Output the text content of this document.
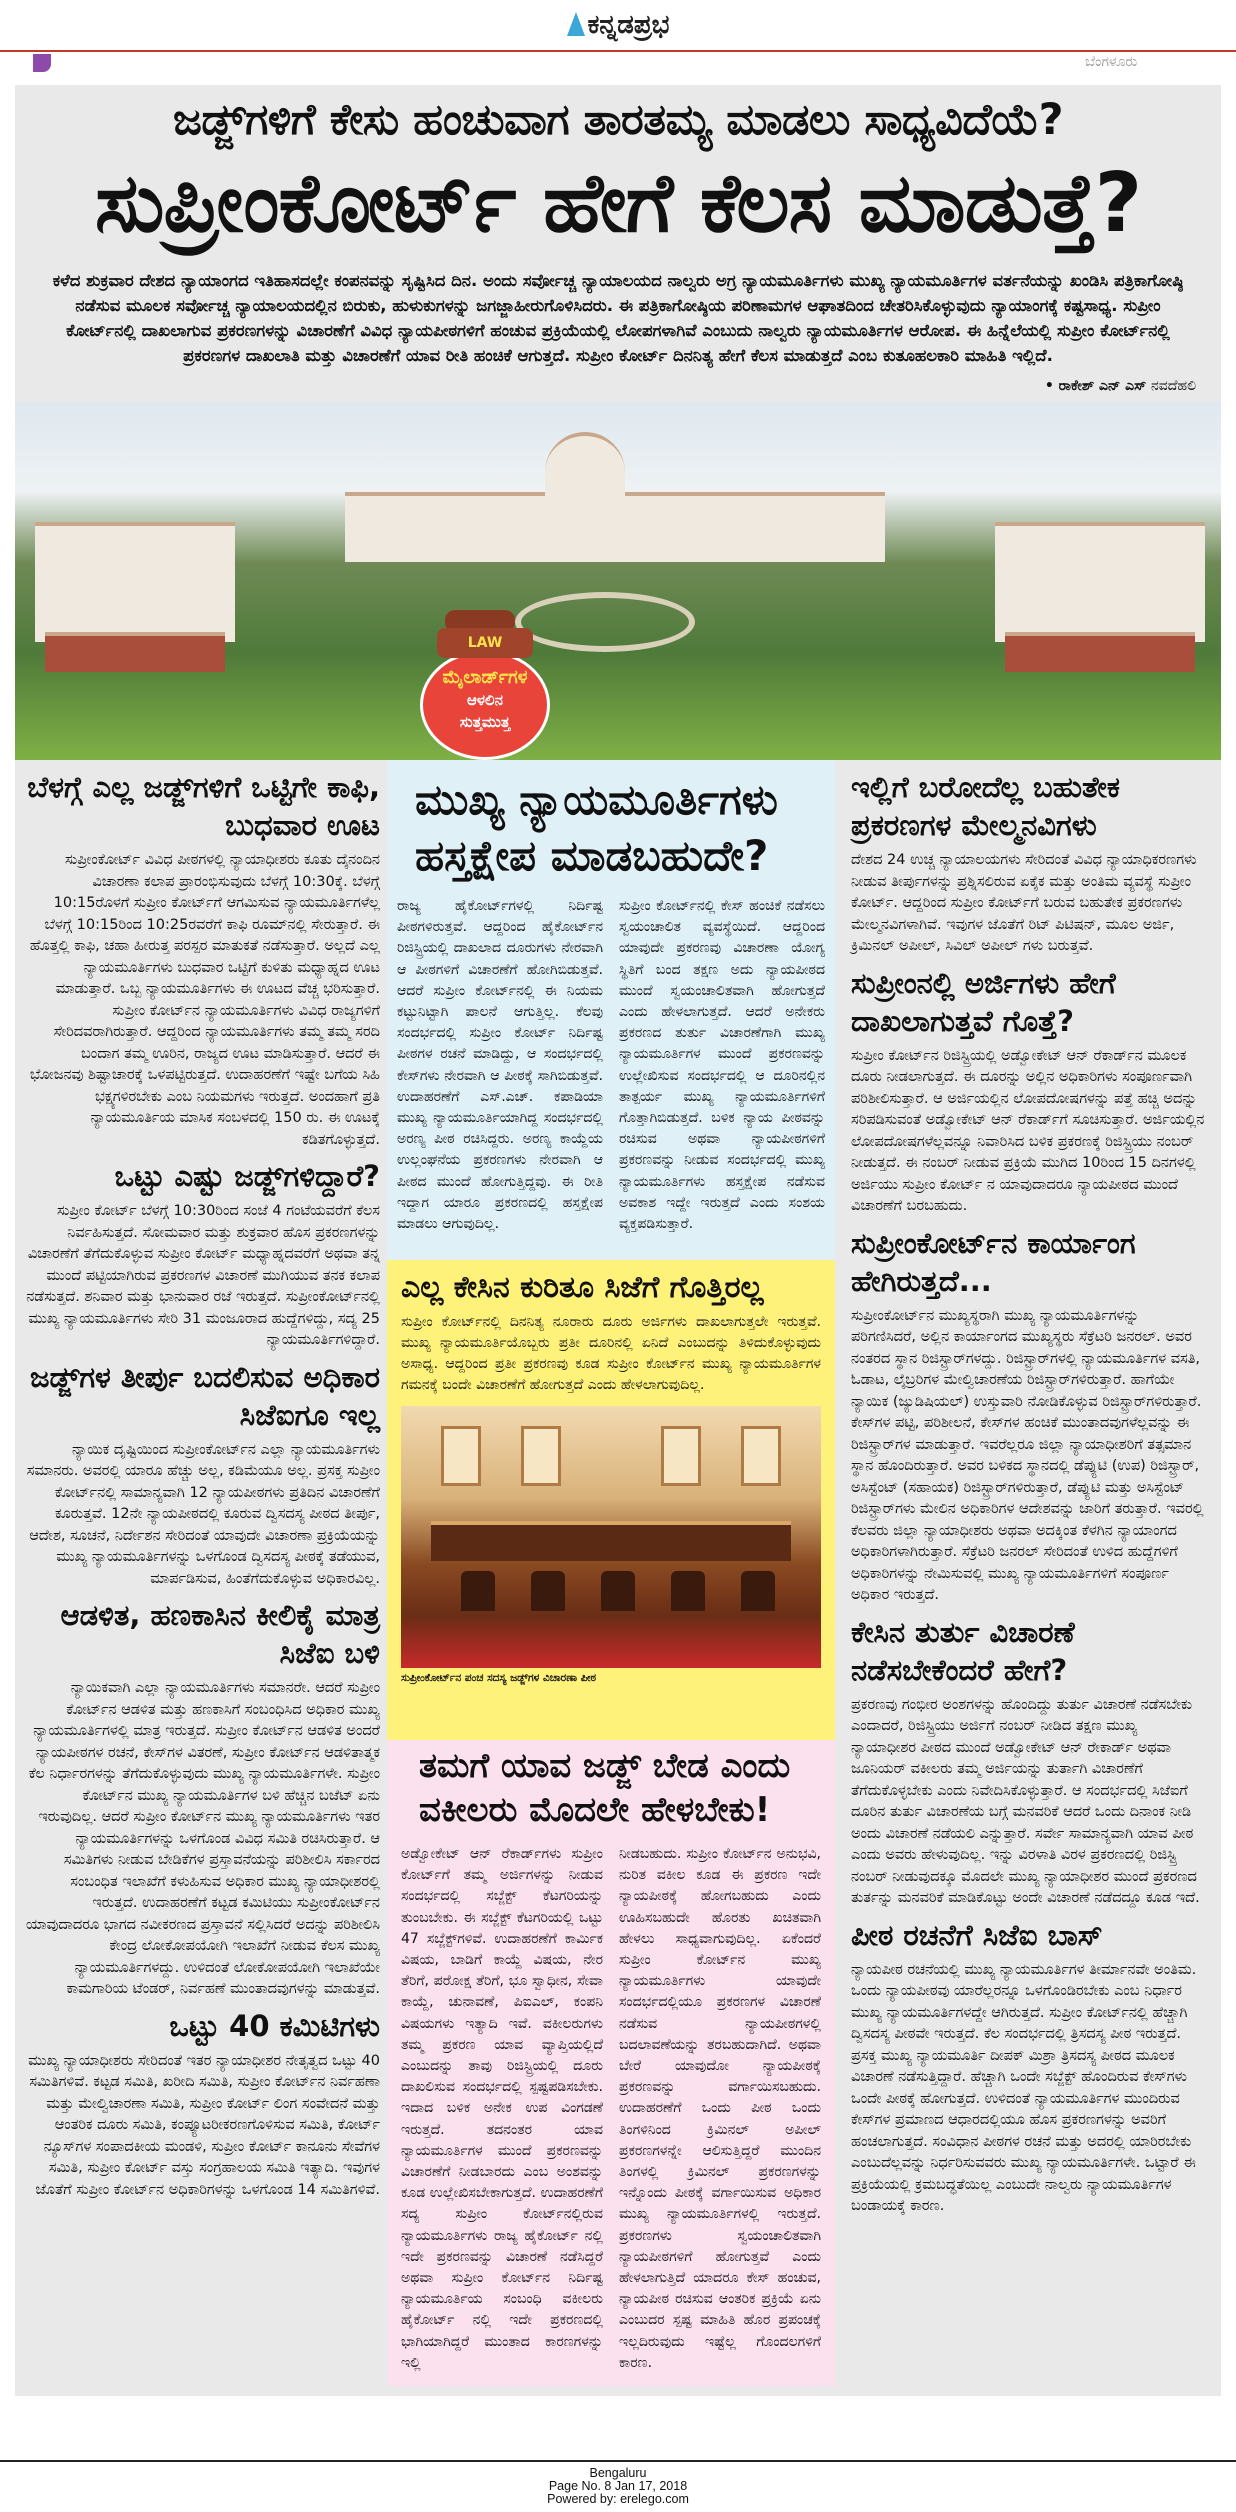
ಕನ್ನಡಪ್ರಭ
ಬೆಂಗಳೂರು
ಜಡ್ಜ್‌ಗಳಿಗೆ ಕೇಸು ಹಂಚುವಾಗ ತಾರತಮ್ಯ ಮಾಡಲು ಸಾಧ್ಯವಿದೆಯೆ?
ಸುಪ್ರೀಂಕೋರ್ಟ್ ಹೇಗೆ ಕೆಲಸ ಮಾಡುತ್ತೆ?
ಕಳೆದ ಶುಕ್ರವಾರ ದೇಶದ ನ್ಯಾಯಾಂಗದ ಇತಿಹಾಸದಲ್ಲೇ ಕಂಪನವನ್ನು ಸೃಷ್ಟಿಸಿದ ದಿನ. ಅಂದು ಸರ್ವೋಚ್ಚ ನ್ಯಾಯಾಲಯದ ನಾಲ್ವರು ಅಗ್ರ ನ್ಯಾಯಮೂರ್ತಿಗಳು ಮುಖ್ಯ ನ್ಯಾಯಮೂರ್ತಿಗಳ ವರ್ತನೆಯನ್ನು ಖಂಡಿಸಿ ಪತ್ರಿಕಾಗೋಷ್ಠಿ ನಡೆಸುವ ಮೂಲಕ ಸರ್ವೋಚ್ಚ ನ್ಯಾಯಾಲಯದಲ್ಲಿನ ಬಿರುಕು, ಹುಳುಕುಗಳನ್ನು ಜಗಜ್ಜಾಹೀರುಗೊಳಿಸಿದರು. ಈ ಪತ್ರಿಕಾಗೋಷ್ಠಿಯ ಪರಿಣಾಮಗಳ ಆಘಾತದಿಂದ ಚೇತರಿಸಿಕೊಳ್ಳುವುದು ನ್ಯಾಯಾಂಗಕ್ಕೆ ಕಷ್ಟಸಾಧ್ಯ. ಸುಪ್ರೀಂ ಕೋರ್ಟ್‌ನಲ್ಲಿ ದಾಖಲಾಗುವ ಪ್ರಕರಣಗಳನ್ನು ವಿಚಾರಣೆಗೆ ವಿವಿಧ ನ್ಯಾಯಪೀಠಗಳಿಗೆ ಹಂಚುವ ಪ್ರಕ್ರಿಯೆಯಲ್ಲಿ ಲೋಪಗಳಾಗಿವೆ ಎಂಬುದು ನಾಲ್ವರು ನ್ಯಾಯಮೂರ್ತಿಗಳ ಆರೋಪ. ಈ ಹಿನ್ನೆಲೆಯಲ್ಲಿ ಸುಪ್ರೀಂ ಕೋರ್ಟ್‌ನಲ್ಲಿ ಪ್ರಕರಣಗಳ ದಾಖಲಾತಿ ಮತ್ತು ವಿಚಾರಣೆಗೆ ಯಾವ ರೀತಿ ಹಂಚಿಕೆ ಆಗುತ್ತದೆ. ಸುಪ್ರೀಂ ಕೋರ್ಟ್ ದಿನನಿತ್ಯ ಹೇಗೆ ಕೆಲಸ ಮಾಡುತ್ತದೆ ಎಂಬ ಕುತೂಹಲಕಾರಿ ಮಾಹಿತಿ ಇಲ್ಲಿದೆ.
• ರಾಕೇಶ್ ಎನ್ ಎಸ್ ನವದೆಹಲಿ
ಮೈಲಾರ್ಡ್‌ಗಳ
ಆಳಲಿನ
ಸುತ್ತಮುತ್ತ
LAW
ಬೆಳಗ್ಗೆ ಎಲ್ಲ ಜಡ್ಜ್‌ಗಳಿಗೆ ಒಟ್ಟಿಗೇ ಕಾಫಿ, ಬುಧವಾರ ಊಟ

ಸುಪ್ರೀಂಕೋರ್ಟ್ ವಿವಿಧ ಪೀಠಗಳಲ್ಲಿ ನ್ಯಾಯಾಧೀಶರು ಕೂತು ದೈನಂದಿನ ವಿಚಾರಣಾ ಕಲಾಪ ಪ್ರಾರಂಭಿಸುವುದು ಬೆಳಗ್ಗೆ 10:30ಕ್ಕೆ. ಬೆಳಗ್ಗೆ 10:15ರೊಳಗೆ ಸುಪ್ರೀಂ ಕೋರ್ಟ್‌ಗೆ ಆಗಮಿಸುವ ನ್ಯಾಯಮೂರ್ತಿಗಳೆಲ್ಲ ಬೆಳಗ್ಗೆ 10:15ರಿಂದ 10:25ರವರೆಗೆ ಕಾಫಿ ರೂಮ್‌ನಲ್ಲಿ ಸೇರುತ್ತಾರೆ. ಈ ಹೊತ್ತಲ್ಲಿ ಕಾಫಿ, ಚಹಾ ಹೀರುತ್ತ ಪರಸ್ಪರ ಮಾತುಕತೆ ನಡೆಸುತ್ತಾರೆ. ಅಲ್ಲದೆ ಎಲ್ಲ ನ್ಯಾಯಮೂರ್ತಿಗಳು ಬುಧವಾರ ಒಟ್ಟಿಗೆ ಕುಳಿತು ಮಧ್ಯಾಹ್ನದ ಊಟ ಮಾಡುತ್ತಾರೆ. ಒಬ್ಬ ನ್ಯಾಯಮೂರ್ತಿಗಳು ಈ ಊಟದ ವೆಚ್ಚ ಭರಿಸುತ್ತಾರೆ. ಸುಪ್ರೀಂ ಕೋರ್ಟ್‌ನ ನ್ಯಾಯಮೂರ್ತಿಗಳು ವಿವಿಧ ರಾಜ್ಯಗಳಿಗೆ ಸೇರಿದವರಾಗಿರುತ್ತಾರೆ. ಆದ್ದರಿಂದ ನ್ಯಾಯಮೂರ್ತಿಗಳು ತಮ್ಮ ತಮ್ಮ ಸರದಿ ಬಂದಾಗ ತಮ್ಮ ಊರಿನ, ರಾಜ್ಯದ ಊಟ ಮಾಡಿಸುತ್ತಾರೆ. ಆದರೆ ಈ ಭೋಜನವು ಶಿಷ್ಟಾಚಾರಕ್ಕೆ ಒಳಪಟ್ಟಿರುತ್ತದೆ. ಉದಾಹರಣೆಗೆ ಇಷ್ಟೇ ಬಗೆಯ ಸಿಹಿ ಭಕ್ಷ್ಯಗಳಿರಬೇಕು ಎಂಬ ನಿಯಮಗಳು ಇರುತ್ತದೆ. ಅಂದಹಾಗೆ ಪ್ರತಿ ನ್ಯಾಯಮೂರ್ತಿಯ ಮಾಸಿಕ ಸಂಬಳದಲ್ಲಿ 150 ರು. ಈ ಊಟಕ್ಕೆ ಕಡಿತಗೊಳ್ಳುತ್ತದೆ.

ಒಟ್ಟು ಎಷ್ಟು ಜಡ್ಜ್‌ಗಳಿದ್ದಾರೆ?

ಸುಪ್ರೀಂ ಕೋರ್ಟ್ ಬೆಳಗ್ಗೆ 10:30ರಿಂದ ಸಂಜೆ 4 ಗಂಟೆಯವರೆಗೆ ಕೆಲಸ ನಿರ್ವಹಿಸುತ್ತದೆ. ಸೋಮವಾರ ಮತ್ತು ಶುಕ್ರವಾರ ಹೊಸ ಪ್ರಕರಣಗಳನ್ನು ವಿಚಾರಣೆಗೆ ತೆಗೆದುಕೊಳ್ಳುವ ಸುಪ್ರೀಂ ಕೋರ್ಟ್ ಮಧ್ಯಾಹ್ನದವರೆಗೆ ಅಥವಾ ತನ್ನ ಮುಂದೆ ಪಟ್ಟಿಯಾಗಿರುವ ಪ್ರಕರಣಗಳ ವಿಚಾರಣೆ ಮುಗಿಯುವ ತನಕ ಕಲಾಪ ನಡೆಸುತ್ತದೆ. ಶನಿವಾರ ಮತ್ತು ಭಾನುವಾರ ರಜೆ ಇರುತ್ತದೆ. ಸುಪ್ರೀಂಕೋರ್ಟ್‌ನಲ್ಲಿ ಮುಖ್ಯ ನ್ಯಾಯಮೂರ್ತಿಗಳು ಸೇರಿ 31 ಮಂಜೂರಾದ ಹುದ್ದೆಗಳಿದ್ದು, ಸದ್ಯ 25 ನ್ಯಾಯಮೂರ್ತಿಗಳಿದ್ದಾರೆ.

ಜಡ್ಜ್‌ಗಳ ತೀರ್ಪು ಬದಲಿಸುವ ಅಧಿಕಾರ ಸಿಜೆಐಗೂ ಇಲ್ಲ

ನ್ಯಾಯಿಕ ದೃಷ್ಟಿಯಿಂದ ಸುಪ್ರೀಂಕೋರ್ಟ್‌ನ ಎಲ್ಲಾ ನ್ಯಾಯಮೂರ್ತಿಗಳು ಸಮಾನರು. ಅವರಲ್ಲಿ ಯಾರೂ ಹೆಚ್ಚು ಅಲ್ಲ, ಕಡಿಮೆಯೂ ಅಲ್ಲ. ಪ್ರಸಕ್ತ ಸುಪ್ರೀಂ ಕೋರ್ಟ್‌ನಲ್ಲಿ ಸಾಮಾನ್ಯವಾಗಿ 12 ನ್ಯಾಯಪೀಠಗಳು ಪ್ರತಿದಿನ ವಿಚಾರಣೆಗೆ ಕೂರುತ್ತವೆ. 12ನೇ ನ್ಯಾಯಪೀಠದಲ್ಲಿ ಕೂರುವ ದ್ವಿಸದಸ್ಯ ಪೀಠದ ತೀರ್ಪು, ಆದೇಶ, ಸೂಚನೆ, ನಿರ್ದೇಶನ ಸೇರಿದಂತೆ ಯಾವುದೇ ವಿಚಾರಣಾ ಪ್ರಕ್ರಿಯೆಯನ್ನು ಮುಖ್ಯ ನ್ಯಾಯಮೂರ್ತಿಗಳನ್ನು ಒಳಗೊಂಡ ದ್ವಿಸದಸ್ಯ ಪೀಠಕ್ಕೆ ತಡೆಯುವ, ಮಾರ್ಪಡಿಸುವ, ಹಿಂತೆಗೆದುಕೊಳ್ಳುವ ಅಧಿಕಾರವಿಲ್ಲ.

ಆಡಳಿತ, ಹಣಕಾಸಿನ ಕೀಲಿಕೈ ಮಾತ್ರ ಸಿಜೆಐ ಬಳಿ

ನ್ಯಾಯಿಕವಾಗಿ ಎಲ್ಲಾ ನ್ಯಾಯಮೂರ್ತಿಗಳು ಸಮಾನರೇ. ಆದರೆ ಸುಪ್ರೀಂ ಕೋರ್ಟ್‌ನ ಆಡಳಿತ ಮತ್ತು ಹಣಕಾಸಿಗೆ ಸಂಬಂಧಿಸಿದ ಅಧಿಕಾರ ಮುಖ್ಯ ನ್ಯಾಯಮೂರ್ತಿಗಳಲ್ಲಿ ಮಾತ್ರ ಇರುತ್ತದೆ. ಸುಪ್ರೀಂ ಕೋರ್ಟ್‌ನ ಆಡಳಿತ ಅಂದರೆ ನ್ಯಾಯಪೀಠಗಳ ರಚನೆ, ಕೇಸ್‌ಗಳ ವಿತರಣೆ, ಸುಪ್ರೀಂ ಕೋರ್ಟ್‌ನ ಆಡಳಿತಾತ್ಮಕ ಕೆಲ ನಿರ್ಧಾರಗಳನ್ನು ತೆಗೆದುಕೊಳ್ಳುವುದು ಮುಖ್ಯ ನ್ಯಾಯಮೂರ್ತಿಗಳೇ. ಸುಪ್ರೀಂ ಕೋರ್ಟ್‌ನ ಮುಖ್ಯ ನ್ಯಾಯಮೂರ್ತಿಗಳ ಬಳಿ ಹೆಚ್ಚಿನ ಬಜೆಟ್ ಏನು ಇರುವುದಿಲ್ಲ. ಆದರೆ ಸುಪ್ರೀಂ ಕೋರ್ಟ್‌ನ ಮುಖ್ಯ ನ್ಯಾಯಮೂರ್ತಿಗಳು ಇತರ ನ್ಯಾಯಮೂರ್ತಿಗಳನ್ನು ಒಳಗೊಂಡ ವಿವಿಧ ಸಮಿತಿ ರಚಿಸಿರುತ್ತಾರೆ. ಆ ಸಮಿತಿಗಳು ನೀಡುವ ಬೇಡಿಕೆಗಳ ಪ್ರಸ್ತಾವನೆಯನ್ನು ಪರಿಶೀಲಿಸಿ ಸರ್ಕಾರದ ಸಂಬಂಧಿತ ಇಲಾಖೆಗೆ ಕಳುಹಿಸುವ ಅಧಿಕಾರ ಮುಖ್ಯ ನ್ಯಾಯಾಧೀಶರಲ್ಲಿ ಇರುತ್ತದೆ. ಉದಾಹರಣೆಗೆ ಕಟ್ಟಡ ಕಮಿಟಿಯು ಸುಪ್ರೀಂಕೋರ್ಟ್‌ನ ಯಾವುದಾದರೂ ಭಾಗದ ನವೀಕರಣದ ಪ್ರಸ್ತಾವನೆ ಸಲ್ಲಿಸಿದರೆ ಅದನ್ನು ಪರಿಶೀಲಿಸಿ ಕೇಂದ್ರ ಲೋಕೋಪಯೋಗಿ ಇಲಾಖೆಗೆ ನೀಡುವ ಕೆಲಸ ಮುಖ್ಯ ನ್ಯಾಯಮೂರ್ತಿಗಳದ್ದು. ಉಳಿದಂತೆ ಲೋಕೋಪಯೋಗಿ ಇಲಾಖೆಯೇ ಕಾಮಗಾರಿಯ ಟೆಂಡರ್, ನಿರ್ವಹಣೆ ಮುಂತಾದವುಗಳನ್ನು ಮಾಡುತ್ತವೆ.

ಒಟ್ಟು 40 ಕಮಿಟಿಗಳು

ಮುಖ್ಯ ನ್ಯಾಯಾಧೀಶರು ಸೇರಿದಂತೆ ಇತರ ನ್ಯಾಯಾಧೀಶರ ನೇತೃತ್ವದ ಒಟ್ಟು 40 ಸಮಿತಿಗಳಿವೆ. ಕಟ್ಟಡ ಸಮಿತಿ, ಖರೀದಿ ಸಮಿತಿ, ಸುಪ್ರೀಂ ಕೋರ್ಟ್‌ನ ನಿರ್ವಹಣಾ ಮತ್ತು ಮೇಲ್ವಿಚಾರಣಾ ಸಮಿತಿ, ಸುಪ್ರೀಂ ಕೋರ್ಟ್ ಲಿಂಗ ಸಂವೇದನೆ ಮತ್ತು ಆಂತರಿಕ ದೂರು ಸಮಿತಿ, ಕಂಪ್ಯೂಟರೀಕರಣಗೊಳಿಸುವ ಸಮಿತಿ, ಕೋರ್ಟ್ ನ್ಯೂಸ್‌ಗಳ ಸಂಪಾದಕೀಯ ಮಂಡಳಿ, ಸುಪ್ರೀಂ ಕೋರ್ಟ್ ಕಾನೂನು ಸೇವೆಗಳ ಸಮಿತಿ, ಸುಪ್ರೀಂ ಕೋರ್ಟ್ ವಸ್ತು ಸಂಗ್ರಹಾಲಯ ಸಮಿತಿ ಇತ್ಯಾದಿ. ಇವುಗಳ ಜೊತೆಗೆ ಸುಪ್ರೀಂ ಕೋರ್ಟ್‌ನ ಅಧಿಕಾರಿಗಳನ್ನು ಒಳಗೊಂಡ 14 ಸಮಿತಿಗಳಿವೆ.

ಮುಖ್ಯ ನ್ಯಾಯಮೂರ್ತಿಗಳು
ಹಸ್ತಕ್ಷೇಪ ಮಾಡಬಹುದೇ?

ರಾಜ್ಯ ಹೈಕೋರ್ಟ್‌ಗಳಲ್ಲಿ ನಿರ್ದಿಷ್ಟ ಪೀಠಗಳಿರುತ್ತವೆ. ಆದ್ದರಿಂದ ಹೈಕೋರ್ಟ್‌ನ ರಿಜಿಸ್ಟ್ರಿಯಲ್ಲಿ ದಾಖಲಾದ ದೂರುಗಳು ನೇರವಾಗಿ ಆ ಪೀಠಗಳಿಗೆ ವಿಚಾರಣೆಗೆ ಹೋಗಿಬಿಡುತ್ತವೆ. ಆದರೆ ಸುಪ್ರೀಂ ಕೋರ್ಟ್‌ನಲ್ಲಿ ಈ ನಿಯಮ ಕಟ್ಟುನಿಟ್ಟಾಗಿ ಪಾಲನೆ ಆಗುತ್ತಿಲ್ಲ. ಕೆಲವು ಸಂದರ್ಭದಲ್ಲಿ ಸುಪ್ರೀಂ ಕೋರ್ಟ್ ನಿರ್ದಿಷ್ಟ ಪೀಠಗಳ ರಚನೆ ಮಾಡಿದ್ದು, ಆ ಸಂದರ್ಭದಲ್ಲಿ ಕೇಸ್‌ಗಳು ನೇರವಾಗಿ ಆ ಪೀಠಕ್ಕೆ ಸಾಗಿಬಿಡುತ್ತವೆ. ಉದಾಹರಣೆಗೆ ಎಸ್.ಎಚ್. ಕಪಾಡಿಯಾ ಮುಖ್ಯ ನ್ಯಾಯಮೂರ್ತಿಯಾಗಿದ್ದ ಸಂದರ್ಭದಲ್ಲಿ ಅರಣ್ಯ ಪೀಠ ರಚಿಸಿದ್ದರು. ಅರಣ್ಯ ಕಾಯ್ದೆಯ ಉಲ್ಲಂಘನೆಯ ಪ್ರಕರಣಗಳು ನೇರವಾಗಿ ಆ ಪೀಠದ ಮುಂದೆ ಹೋಗುತ್ತಿದ್ದವು. ಈ ರೀತಿ ಇದ್ದಾಗ ಯಾರೂ ಪ್ರಕರಣದಲ್ಲಿ ಹಸ್ತಕ್ಷೇಪ ಮಾಡಲು ಆಗುವುದಿಲ್ಲ.

ಸುಪ್ರೀಂ ಕೋರ್ಟ್‌ನಲ್ಲಿ ಕೇಸ್ ಹಂಚಿಕೆ ನಡೆಸಲು ಸ್ವಯಂಚಾಲಿತ ವ್ಯವಸ್ಥೆಯಿದೆ. ಆದ್ದರಿಂದ ಯಾವುದೇ ಪ್ರಕರಣವು ವಿಚಾರಣಾ ಯೋಗ್ಯ ಸ್ಥಿತಿಗೆ ಬಂದ ತಕ್ಷಣ ಅದು ನ್ಯಾಯಪೀಠದ ಮುಂದೆ ಸ್ವಯಂಚಾಲಿತವಾಗಿ ಹೋಗುತ್ತದೆ ಎಂದು ಹೇಳಲಾಗುತ್ತದೆ. ಆದರೆ ಅನೇಕರು ಪ್ರಕರಣದ ತುರ್ತು ವಿಚಾರಣೆಗಾಗಿ ಮುಖ್ಯ ನ್ಯಾಯಮೂರ್ತಿಗಳ ಮುಂದೆ ಪ್ರಕರಣವನ್ನು ಉಲ್ಲೇಖಿಸುವ ಸಂದರ್ಭದಲ್ಲಿ ಆ ದೂರಿನಲ್ಲಿನ ತಾತ್ಪರ್ಯ ಮುಖ್ಯ ನ್ಯಾಯಮೂರ್ತಿಗಳಿಗೆ ಗೊತ್ತಾಗಿಬಿಡುತ್ತದೆ. ಬಳಿಕ ನ್ಯಾಯ ಪೀಠವನ್ನು ರಚಿಸುವ ಅಥವಾ ನ್ಯಾಯಪೀಠಗಳಿಗೆ ಪ್ರಕರಣವನ್ನು ನೀಡುವ ಸಂದರ್ಭದಲ್ಲಿ ಮುಖ್ಯ ನ್ಯಾಯಮೂರ್ತಿಗಳು ಹಸ್ತಕ್ಷೇಪ ನಡೆಸುವ ಅವಕಾಶ ಇದ್ದೇ ಇರುತ್ತದೆ ಎಂದು ಸಂಶಯ ವ್ಯಕ್ತಪಡಿಸುತ್ತಾರೆ.

ಎಲ್ಲ ಕೇಸಿನ ಕುರಿತೂ ಸಿಜೆಗೆ ಗೊತ್ತಿರಲ್ಲ

ಸುಪ್ರೀಂ ಕೋರ್ಟ್‌ನಲ್ಲಿ ದಿನನಿತ್ಯ ನೂರಾರು ದೂರು ಅರ್ಜಿಗಳು ದಾಖಲಾಗುತ್ತಲೇ ಇರುತ್ತವೆ. ಮುಖ್ಯ ನ್ಯಾಯಮೂರ್ತಿಯೊಬ್ಬರು ಪ್ರತೀ ದೂರಿನಲ್ಲಿ ಏನಿದೆ ಎಂಬುದನ್ನು ತಿಳಿದುಕೊಳ್ಳುವುದು ಅಸಾಧ್ಯ. ಆದ್ದರಿಂದ ಪ್ರತೀ ಪ್ರಕರಣವು ಕೂಡ ಸುಪ್ರೀಂ ಕೋರ್ಟ್‌ನ ಮುಖ್ಯ ನ್ಯಾಯಮೂರ್ತಿಗಳ ಗಮನಕ್ಕೆ ಬಂದೇ ವಿಚಾರಣೆಗೆ ಹೋಗುತ್ತದೆ ಎಂದು ಹೇಳಲಾಗುವುದಿಲ್ಲ.

ಸುಪ್ರೀಂಕೋರ್ಟ್‌ನ ಪಂಚ ಸದಸ್ಯ ಜಡ್ಜ್‌ಗಳ ವಿಚಾರಣಾ ಪೀಠ
ತಮಗೆ ಯಾವ ಜಡ್ಜ್ ಬೇಡ ಎಂದು
ವಕೀಲರು ಮೊದಲೇ ಹೇಳಬೇಕು!

ಅಡ್ವೋಕೇಟ್ ಆನ್ ರೆಕಾರ್ಡ್‌ಗಳು ಸುಪ್ರೀಂ ಕೋರ್ಟ್‌ಗೆ ತಮ್ಮ ಅರ್ಜಿಗಳನ್ನು ನೀಡುವ ಸಂದರ್ಭದಲ್ಲಿ ಸಬ್ಜೆಕ್ಟ್ ಕೆಟಗರಿಯನ್ನು ತುಂಬಬೇಕು. ಈ ಸಬ್ಜೆಕ್ಟ್ ಕೆಟಗರಿಯಲ್ಲಿ ಒಟ್ಟು 47 ಸಬ್ಜೆಕ್ಟ್‌ಗಳಿವೆ. ಉದಾಹರಣೆಗೆ ಕಾರ್ಮಿಕ ವಿಷಯ, ಬಾಡಿಗೆ ಕಾಯ್ದೆ ವಿಷಯ, ನೇರ ತೆರಿಗೆ, ಪರೋಕ್ಷ ತೆರಿಗೆ, ಭೂ ಸ್ವಾಧೀನ, ಸೇವಾ ಕಾಯ್ದೆ, ಚುನಾವಣೆ, ಪಿಐಎಲ್, ಕಂಪನಿ ವಿಷಯಗಳು ಇತ್ಯಾದಿ ಇವೆ. ವಕೀಲರುಗಳು ತಮ್ಮ ಪ್ರಕರಣ ಯಾವ ವ್ಯಾಪ್ತಿಯಲ್ಲಿದೆ ಎಂಬುದನ್ನು ತಾವು ರಿಜಿಸ್ಟ್ರಿಯಲ್ಲಿ ದೂರು ದಾಖಲಿಸುವ ಸಂದರ್ಭದಲ್ಲಿ ಸ್ಪಷ್ಟಪಡಿಸಬೇಕು. ಇದಾದ ಬಳಿಕ ಅನೇಕ ಉಪ ವಿಂಗಡಣೆ ಇರುತ್ತದೆ. ತದನಂತರ ಯಾವ ನ್ಯಾಯಮೂರ್ತಿಗಳ ಮುಂದೆ ಪ್ರಕರಣವನ್ನು ವಿಚಾರಣೆಗೆ ನೀಡಬಾರದು ಎಂಬ ಅಂಶವನ್ನು ಕೂಡ ಉಲ್ಲೇಖಿಸಬೇಕಾಗುತ್ತದೆ. ಉದಾಹರಣೆಗೆ ಸದ್ಯ ಸುಪ್ರೀಂ ಕೋರ್ಟ್‌ನಲ್ಲಿರುವ ನ್ಯಾಯಮೂರ್ತಿಗಳು ರಾಜ್ಯ ಹೈಕೋರ್ಟ್ ನಲ್ಲಿ ಇದೇ ಪ್ರಕರಣವನ್ನು ವಿಚಾರಣೆ ನಡೆಸಿದ್ದರೆ ಅಥವಾ ಸುಪ್ರೀಂ ಕೋರ್ಟ್‌ನ ನಿರ್ದಿಷ್ಟ ನ್ಯಾಯಮೂರ್ತಿಯ ಸಂಬಂಧಿ ವಕೀಲರು ಹೈಕೋರ್ಟ್ ನಲ್ಲಿ ಇದೇ ಪ್ರಕರಣದಲ್ಲಿ ಭಾಗಿಯಾಗಿದ್ದರೆ ಮುಂತಾದ ಕಾರಣಗಳನ್ನು ಇಲ್ಲಿ

ನೀಡಬಹುದು. ಸುಪ್ರೀಂ ಕೋರ್ಟ್‌ನ ಅನುಭವಿ, ನುರಿತ ವಕೀಲ ಕೂಡ ಈ ಪ್ರಕರಣ ಇದೇ ನ್ಯಾಯಪೀಠಕ್ಕೆ ಹೋಗಬಹುದು ಎಂದು ಊಹಿಸಬಹುದೇ ಹೊರತು ಖಚಿತವಾಗಿ ಹೇಳಲು ಸಾಧ್ಯವಾಗುವುದಿಲ್ಲ. ಏಕೆಂದರೆ ಸುಪ್ರೀಂ ಕೋರ್ಟ್‌ನ ಮುಖ್ಯ ನ್ಯಾಯಮೂರ್ತಿಗಳು ಯಾವುದೇ ಸಂದರ್ಭದಲ್ಲಿಯೂ ಪ್ರಕರಣಗಳ ವಿಚಾರಣೆ ನಡೆಸುವ ನ್ಯಾಯಪೀಠಗಳಲ್ಲಿ ಬದಲಾವಣೆಯನ್ನು ತರಬಹುದಾಗಿದೆ. ಅಥವಾ ಬೇರೆ ಯಾವುದೋ ನ್ಯಾಯಪೀಠಕ್ಕೆ ಪ್ರಕರಣವನ್ನು ವರ್ಗಾಯಿಸಬಹುದು. ಉದಾಹರಣೆಗೆ ಒಂದು ಪೀಠ ಒಂದು ತಿಂಗಳಿನಿಂದ ಕ್ರಿಮಿನಲ್ ಅಪೀಲ್ ಪ್ರಕರಣಗಳನ್ನೇ ಆಲಿಸುತ್ತಿದ್ದರೆ ಮುಂದಿನ ತಿಂಗಳಲ್ಲಿ ಕ್ರಿಮಿನಲ್ ಪ್ರಕರಣಗಳನ್ನು ಇನ್ನೊಂದು ಪೀಠಕ್ಕೆ ವರ್ಗಾಯಿಸುವ ಅಧಿಕಾರ ಮುಖ್ಯ ನ್ಯಾಯಮೂರ್ತಿಗಳಲ್ಲಿ ಇರುತ್ತದೆ. ಪ್ರಕರಣಗಳು ಸ್ವಯಂಚಾಲಿತವಾಗಿ ನ್ಯಾಯಪೀಠಗಳಿಗೆ ಹೋಗುತ್ತವೆ ಎಂದು ಹೇಳಲಾಗುತ್ತಿದೆ ಯಾದರೂ ಕೇಸ್ ಹಂಚುವ, ನ್ಯಾಯಪೀಠ ರಚಿಸುವ ಆಂತರಿಕ ಪ್ರಕ್ರಿಯೆ ಏನು ಎಂಬುದರ ಸ್ಪಷ್ಟ ಮಾಹಿತಿ ಹೊರ ಪ್ರಪಂಚಕ್ಕೆ ಇಲ್ಲದಿರುವುದು ಇಷ್ಟೆಲ್ಲ ಗೊಂದಲಗಳಿಗೆ ಕಾರಣ.

ಇಲ್ಲಿಗೆ ಬರೋದೆಲ್ಲ ಬಹುತೇಕ ಪ್ರಕರಣಗಳ ಮೇಲ್ಮನವಿಗಳು

ದೇಶದ 24 ಉಚ್ಚ ನ್ಯಾಯಾಲಯಗಳು ಸೇರಿದಂತೆ ವಿವಿಧ ನ್ಯಾಯಾಧಿಕರಣಗಳು ನೀಡುವ ತೀರ್ಪುಗಳನ್ನು ಪ್ರಶ್ನಿಸಲಿರುವ ಏಕೈಕ ಮತ್ತು ಅಂತಿಮ ವ್ಯವಸ್ಥೆ ಸುಪ್ರೀಂ ಕೋರ್ಟ್. ಆದ್ದರಿಂದ ಸುಪ್ರೀಂ ಕೋರ್ಟ್‌ಗೆ ಬರುವ ಬಹುತೇಕ ಪ್ರಕರಣಗಳು ಮೇಲ್ಮನವಿಗಳಾಗಿವೆ. ಇವುಗಳ ಜೊತೆಗೆ ರಿಟ್ ಪಿಟಿಷನ್, ಮೂಲ ಅರ್ಜಿ, ಕ್ರಿಮಿನಲ್ ಅಪೀಲ್, ಸಿವಿಲ್ ಅಪೀಲ್ ಗಳು ಬರುತ್ತವೆ.

ಸುಪ್ರೀಂನಲ್ಲಿ ಅರ್ಜಿಗಳು ಹೇಗೆ ದಾಖಲಾಗುತ್ತವೆ ಗೊತ್ತೆ?

ಸುಪ್ರೀಂ ಕೋರ್ಟ್‌ನ ರಿಜಿಸ್ಟ್ರಿಯಲ್ಲಿ ಅಡ್ವೋಕೇಟ್ ಆನ್ ರೆಕಾರ್ಡ್‌ನ ಮೂಲಕ ದೂರು ನೀಡಲಾಗುತ್ತದೆ. ಈ ದೂರನ್ನು ಅಲ್ಲಿನ ಅಧಿಕಾರಿಗಳು ಸಂಪೂರ್ಣವಾಗಿ ಪರಿಶೀಲಿಸುತ್ತಾರೆ. ಆ ಅರ್ಜಿಯಲ್ಲಿನ ಲೋಪದೋಷಗಳನ್ನು ಪತ್ತೆ ಹಚ್ಚಿ ಅದನ್ನು ಸರಿಪಡಿಸುವಂತೆ ಅಡ್ವೋಕೇಟ್ ಆನ್ ರೆಕಾರ್ಡ್‌ಗೆ ಸೂಚಿಸುತ್ತಾರೆ. ಅರ್ಜಿಯಲ್ಲಿನ ಲೋಪದೋಷಗಳೆಲ್ಲವನ್ನೂ ನಿವಾರಿಸಿದ ಬಳಿಕ ಪ್ರಕರಣಕ್ಕೆ ರಿಜಿಸ್ಟ್ರಿಯು ನಂಬರ್ ನೀಡುತ್ತದೆ. ಈ ನಂಬರ್ ನೀಡುವ ಪ್ರಕ್ರಿಯೆ ಮುಗಿದ 10ರಿಂದ 15 ದಿನಗಳಲ್ಲಿ ಅರ್ಜಿಯು ಸುಪ್ರೀಂ ಕೋರ್ಟ್ ನ ಯಾವುದಾದರೂ ನ್ಯಾಯಪೀಠದ ಮುಂದೆ ವಿಚಾರಣೆಗೆ ಬರಬಹುದು.

ಸುಪ್ರೀಂಕೋರ್ಟ್‌ನ ಕಾರ್ಯಾಂಗ ಹೇಗಿರುತ್ತದೆ...

ಸುಪ್ರೀಂಕೋರ್ಟ್‌ನ ಮುಖ್ಯಸ್ಥರಾಗಿ ಮುಖ್ಯ ನ್ಯಾಯಮೂರ್ತಿಗಳನ್ನು ಪರಿಗಣಿಸಿದರೆ, ಅಲ್ಲಿನ ಕಾರ್ಯಾಂಗದ ಮುಖ್ಯಸ್ಥರು ಸೆಕ್ರೆಟರಿ ಜನರಲ್. ಅವರ ನಂತರದ ಸ್ಥಾನ ರಿಜಿಸ್ಟ್ರಾರ್‌ಗಳದ್ದು. ರಿಜಿಸ್ಟ್ರಾರ್‌ಗಳಲ್ಲಿ ನ್ಯಾಯಮೂರ್ತಿಗಳ ವಸತಿ, ಓಡಾಟ, ಲೈಬ್ರರಿಗಳ ಮೇಲ್ವಿಚಾರಣೆಯ ರಿಜಿಸ್ಟ್ರಾರ್‌ಗಳಿರುತ್ತಾರೆ. ಹಾಗೆಯೇ ನ್ಯಾಯಿಕ (ಜ್ಯುಡಿಷಿಯಲ್) ಉಸ್ತುವಾರಿ ನೋಡಿಕೊಳ್ಳುವ ರಿಜಿಸ್ಟ್ರಾರ್‌ಗಳಿರುತ್ತಾರೆ. ಕೇಸ್‌ಗಳ ಪಟ್ಟಿ, ಪರಿಶೀಲನೆ, ಕೇಸ್‌ಗಳ ಹಂಚಿಕೆ ಮುಂತಾದವುಗಳೆಲ್ಲವನ್ನು ಈ ರಿಜಿಸ್ಟ್ರಾರ್‌ಗಳ ಮಾಡುತ್ತಾರೆ. ಇವರೆಲ್ಲರೂ ಜಿಲ್ಲಾ ನ್ಯಾಯಾಧೀಶರಿಗೆ ತತ್ಸಮಾನ ಸ್ಥಾನ ಹೊಂದಿರುತ್ತಾರೆ. ಅವರ ಬಳಿಕದ ಸ್ಥಾನದಲ್ಲಿ ಡೆಪ್ಯುಟಿ (ಉಪ) ರಿಜಿಸ್ಟ್ರಾರ್, ಅಸಿಸ್ಟೆಂಟ್ (ಸಹಾಯಕ) ರಿಜಿಸ್ಟ್ರಾರ್‌ಗಳಿರುತ್ತಾರೆ, ಡೆಪ್ಯುಟಿ ಮತ್ತು ಅಸಿಸ್ಟೆಂಟ್ ರಿಜಿಸ್ಟ್ರಾರ್‌ಗಳು ಮೇಲಿನ ಅಧಿಕಾರಿಗಳ ಆದೇಶವನ್ನು ಜಾರಿಗೆ ತರುತ್ತಾರೆ. ಇವರಲ್ಲಿ ಕೆಲವರು ಜಿಲ್ಲಾ ನ್ಯಾಯಾಧೀಶರು ಅಥವಾ ಅದಕ್ಕಿಂತ ಕೆಳಗಿನ ನ್ಯಾಯಾಂಗದ ಅಧಿಕಾರಿಗಳಾಗಿರುತ್ತಾರೆ. ಸೆಕ್ರೆಟರಿ ಜನರಲ್ ಸೇರಿದಂತೆ ಉಳಿದ ಹುದ್ದೆಗಳಿಗೆ ಅಧಿಕಾರಿಗಳನ್ನು ನೇಮಿಸುವಲ್ಲಿ ಮುಖ್ಯ ನ್ಯಾಯಮೂರ್ತಿಗಳಿಗೆ ಸಂಪೂರ್ಣ ಅಧಿಕಾರ ಇರುತ್ತದೆ.

ಕೇಸಿನ ತುರ್ತು ವಿಚಾರಣೆ ನಡೆಸಬೇಕೆಂದರೆ ಹೇಗೆ?

ಪ್ರಕರಣವು ಗಂಭೀರ ಅಂಶಗಳನ್ನು ಹೊಂದಿದ್ದು ತುರ್ತು ವಿಚಾರಣೆ ನಡೆಸಬೇಕು ಎಂದಾದರೆ, ರಿಜಿಸ್ಟ್ರಿಯು ಅರ್ಜಿಗೆ ನಂಬರ್ ನೀಡಿದ ತಕ್ಷಣ ಮುಖ್ಯ ನ್ಯಾಯಾಧೀಶರ ಪೀಠದ ಮುಂದೆ ಅಡ್ವೋಕೇಟ್ ಆನ್ ರೇಕಾರ್ಡ್ ಅಥವಾ ಜೂನಿಯರ್ ವಕೀಲರು ತಮ್ಮ ಅರ್ಜಿಯನ್ನು ತುರ್ತಾಗಿ ವಿಚಾರಣೆಗೆ ತೆಗೆದುಕೊಳ್ಳಬೇಕು ಎಂದು ನಿವೇದಿಸಿಕೊಳ್ಳುತ್ತಾರೆ. ಆ ಸಂದರ್ಭದಲ್ಲಿ ಸಿಜೆಐಗೆ ದೂರಿನ ತುರ್ತು ವಿಚಾರಣೆಯ ಬಗ್ಗೆ ಮನವರಿಕೆ ಆದರೆ ಒಂದು ದಿನಾಂಕ ನೀಡಿ ಅಂದು ವಿಚಾರಣೆ ನಡೆಯಲಿ ಎನ್ನುತ್ತಾರೆ. ಸರ್ವೇ ಸಾಮಾನ್ಯವಾಗಿ ಯಾವ ಪೀಠ ಎಂದು ಅವರು ಹೇಳುವುದಿಲ್ಲ. ಇನ್ನು ವಿರಳಾತಿ ವಿರಳ ಪ್ರಕರಣದಲ್ಲಿ ರಿಜಿಸ್ಟ್ರಿ ನಂಬರ್ ನೀಡುವುದಕ್ಕೂ ಮೊದಲೇ ಮುಖ್ಯ ನ್ಯಾಯಾಧೀಶರ ಮುಂದೆ ಪ್ರಕರಣದ ತುರ್ತನ್ನು ಮನವರಿಕೆ ಮಾಡಿಕೊಟ್ಟು ಅಂದೇ ವಿಚಾರಣೆ ನಡೆದದ್ದೂ ಕೂಡ ಇದೆ.

ಪೀಠ ರಚನೆಗೆ ಸಿಜೆಐ ಬಾಸ್

ನ್ಯಾಯಪೀಠ ರಚನೆಯಲ್ಲಿ ಮುಖ್ಯ ನ್ಯಾಯಮೂರ್ತಿಗಳ ತೀರ್ಮಾನವೇ ಅಂತಿಮ. ಒಂದು ನ್ಯಾಯಪೀಠವು ಯಾರೆಲ್ಲರನ್ನೂ ಒಳಗೊಂಡಿರಬೇಕು ಎಂಬ ನಿರ್ಧಾರ ಮುಖ್ಯ ನ್ಯಾಯಮೂರ್ತಿಗಳದ್ದೇ ಆಗಿರುತ್ತದೆ. ಸುಪ್ರೀಂ ಕೋರ್ಟ್‌ನಲ್ಲಿ ಹೆಚ್ಚಾಗಿ ದ್ವಿಸದಸ್ಯ ಪೀಠವೇ ಇರುತ್ತದೆ. ಕೆಲ ಸಂದರ್ಭದಲ್ಲಿ ತ್ರಿಸದಸ್ಯ ಪೀಠ ಇರುತ್ತದೆ. ಪ್ರಸಕ್ತ ಮುಖ್ಯ ನ್ಯಾಯಮೂರ್ತಿ ದೀಪಕ್ ಮಿಶ್ರಾ ತ್ರಿಸದಸ್ಯ ಪೀಠದ ಮೂಲಕ ವಿಚಾರಣೆ ನಡೆಸುತ್ತಿದ್ದಾರೆ. ಹೆಚ್ಚಾಗಿ ಒಂದೇ ಸಬ್ಜೆಕ್ಟ್ ಹೊಂದಿರುವ ಕೇಸ್‌ಗಳು ಒಂದೇ ಪೀಠಕ್ಕೆ ಹೋಗುತ್ತದೆ. ಉಳಿದಂತೆ ನ್ಯಾಯಮೂರ್ತಿಗಳ ಮುಂದಿರುವ ಕೇಸ್‌ಗಳ ಪ್ರಮಾಣದ ಆಧಾರದಲ್ಲಿಯೂ ಹೊಸ ಪ್ರಕರಣಗಳನ್ನು ಅವರಿಗೆ ಹಂಚಲಾಗುತ್ತದೆ. ಸಂವಿಧಾನ ಪೀಠಗಳ ರಚನೆ ಮತ್ತು ಅದರಲ್ಲಿ ಯಾರಿರಬೇಕು ಎಂಬುದೆಲ್ಲವನ್ನು ನಿರ್ಧರಿಸುವವರು ಮುಖ್ಯ ನ್ಯಾಯಮೂರ್ತಿಗಳೇ. ಒಟ್ಟಾರೆ ಈ ಪ್ರಕ್ರಿಯೆಯಲ್ಲಿ ಕ್ರಮಬದ್ಧತೆಯಿಲ್ಲ ಎಂಬುದೇ ನಾಲ್ವರು ನ್ಯಾಯಮೂರ್ತಿಗಳ ಬಂಡಾಯಕ್ಕೆ ಕಾರಣ.

Bengaluru
Page No. 8 Jan 17, 2018
Powered by: erelego.com
